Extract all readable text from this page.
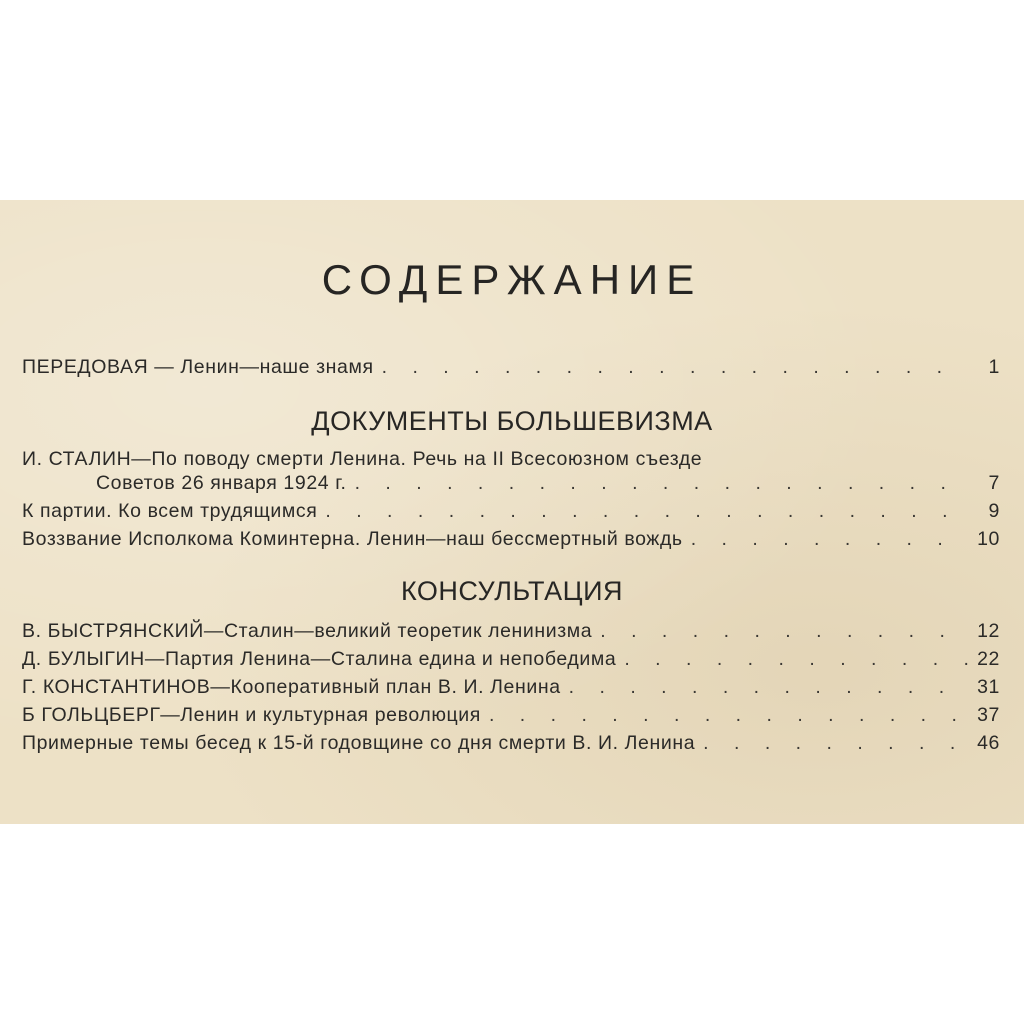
СОДЕРЖАНИЕ
ПЕРЕДОВАЯ — Ленин—наше знамя . . .	1
ДОКУМЕНТЫ БОЛЬШЕВИЗМА
И. СТАЛИН—По поводу смерти Ленина. Речь на II Всесоюзном съезде
Советов 26 января 1924 г. . . .	7
К партии. Ко всем трудящимся . . .	9
Воззвание Исполкома Коминтерна. Ленин—наш бессмертный вождь . . .	10
КОНСУЛЬТАЦИЯ
В. БЫСТРЯНСКИЙ—Сталин—великий теоретик ленинизма . . .	12
Д. БУЛЫГИН—Партия Ленина—Сталина едина и непобедима . . .	22
Г. КОНСТАНТИНОВ—Кооперативный план В. И. Ленина . . .	31
Б ГОЛЬЦБЕРГ—Ленин и культурная революция . . .	37
Примерные темы бесед к 15-й годовщине со дня смерти В. И. Ленина . . .	46
